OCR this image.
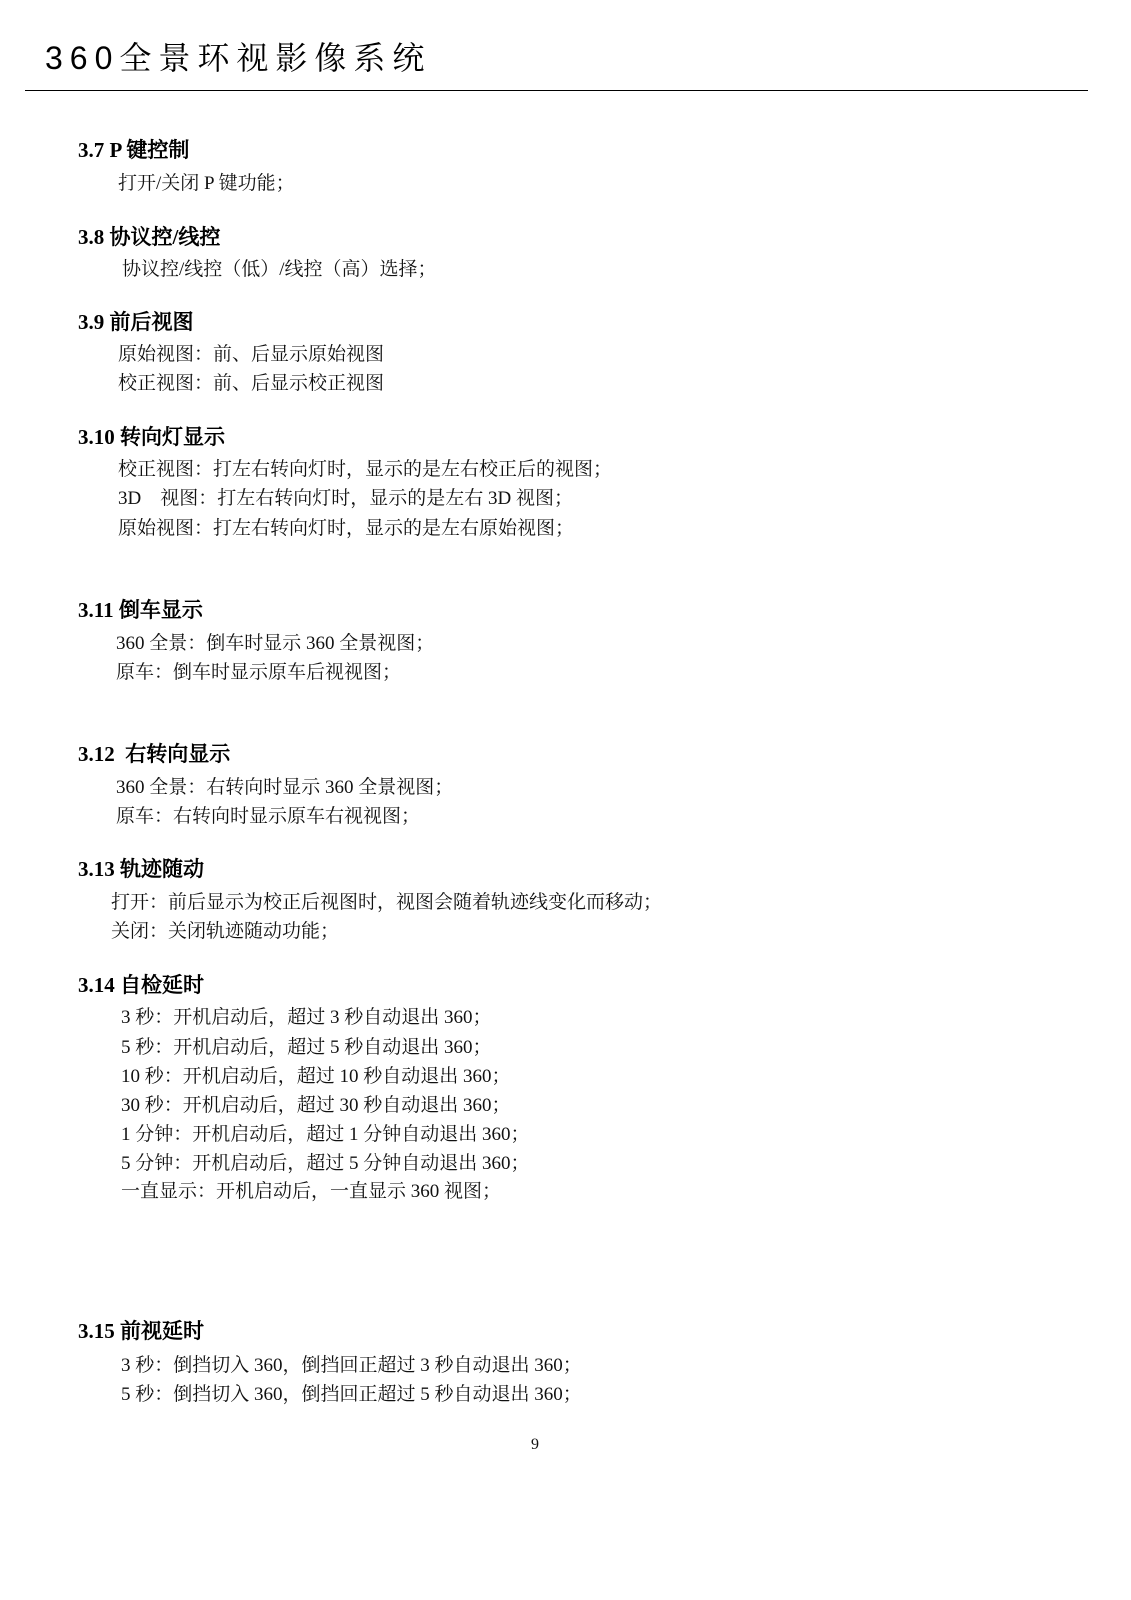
360全景环视影像系统
3.7 P 键控制
打开/关闭 P 键功能；
3.8 协议控/线控
协议控/线控（低）/线控（高）选择；
3.9 前后视图
原始视图：前、后显示原始视图
校正视图：前、后显示校正视图
3.10 转向灯显示
校正视图：打左右转向灯时，显示的是左右校正后的视图；
3D　视图：打左右转向灯时，显示的是左右 3D 视图；
原始视图：打左右转向灯时，显示的是左右原始视图；
3.11 倒车显示
360 全景：倒车时显示 360 全景视图；
原车：倒车时显示原车后视视图；
3.12  右转向显示
360 全景：右转向时显示 360 全景视图；
原车：右转向时显示原车右视视图；
3.13 轨迹随动
打开：前后显示为校正后视图时，视图会随着轨迹线变化而移动；
关闭：关闭轨迹随动功能；
3.14 自检延时
3 秒：开机启动后，超过 3 秒自动退出 360；
5 秒：开机启动后，超过 5 秒自动退出 360；
10 秒：开机启动后，超过 10 秒自动退出 360；
30 秒：开机启动后，超过 30 秒自动退出 360；
1 分钟：开机启动后，超过 1 分钟自动退出 360；
5 分钟：开机启动后，超过 5 分钟自动退出 360；
一直显示：开机启动后，一直显示 360 视图；
3.15 前视延时
3 秒：倒挡切入 360，倒挡回正超过 3 秒自动退出 360；
5 秒：倒挡切入 360，倒挡回正超过 5 秒自动退出 360；
9
